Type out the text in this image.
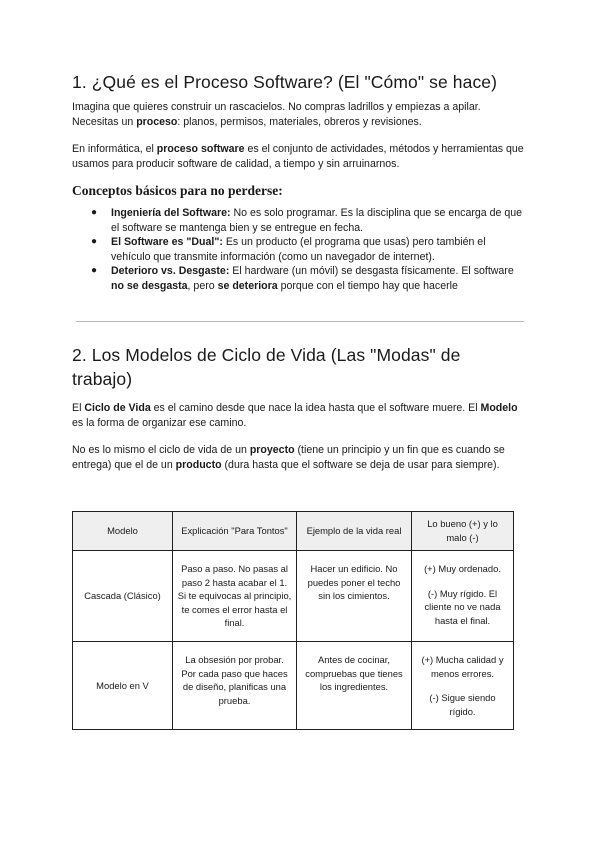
1. ¿Qué es el Proceso Software? (El "Cómo" se hace)

Imagina que quieres construir un rascacielos. No compras ladrillos y empiezas a apilar. Necesitas un proceso: planos, permisos, materiales, obreros y revisiones.

En informática, el proceso software es el conjunto de actividades, métodos y herramientas que usamos para producir software de calidad, a tiempo y sin arruinarnos.

Conceptos básicos para no perderse:
● Ingeniería del Software: No es solo programar. Es la disciplina que se encarga de que el software se mantenga bien y se entregue en fecha.
● El Software es "Dual": Es un producto (el programa que usas) pero también el vehículo que transmite información (como un navegador de internet).
● Deterioro vs. Desgaste: El hardware (un móvil) se desgasta físicamente. El software no se desgasta, pero se deteriora porque con el tiempo hay que hacerle
2. Los Modelos de Ciclo de Vida (Las "Modas" de trabajo)

El Ciclo de Vida es el camino desde que nace la idea hasta que el software muere. El Modelo es la forma de organizar ese camino.

No es lo mismo el ciclo de vida de un proyecto (tiene un principio y un fin que es cuando se entrega) que el de un producto (dura hasta que el software se deja de usar para siempre).

Modelo	Explicación "Para Tontos"	Ejemplo de la vida real	Lo bueno (+) y lo malo (-)
Cascada (Clásico)	Paso a paso. No pasas al paso 2 hasta acabar el 1. Si te equivocas al principio, te comes el error hasta el final.	Hacer un edificio. No puedes poner el techo sin los cimientos.	(+) Muy ordenado.

(-) Muy rígido. El cliente no ve nada hasta el final.

Modelo en V	La obsesión por probar. Por cada paso que haces de diseño, planificas una prueba.	Antes de cocinar, compruebas que tienes los ingredientes.	(+) Mucha calidad y menos errores.

(-) Sigue siendo rígido.
